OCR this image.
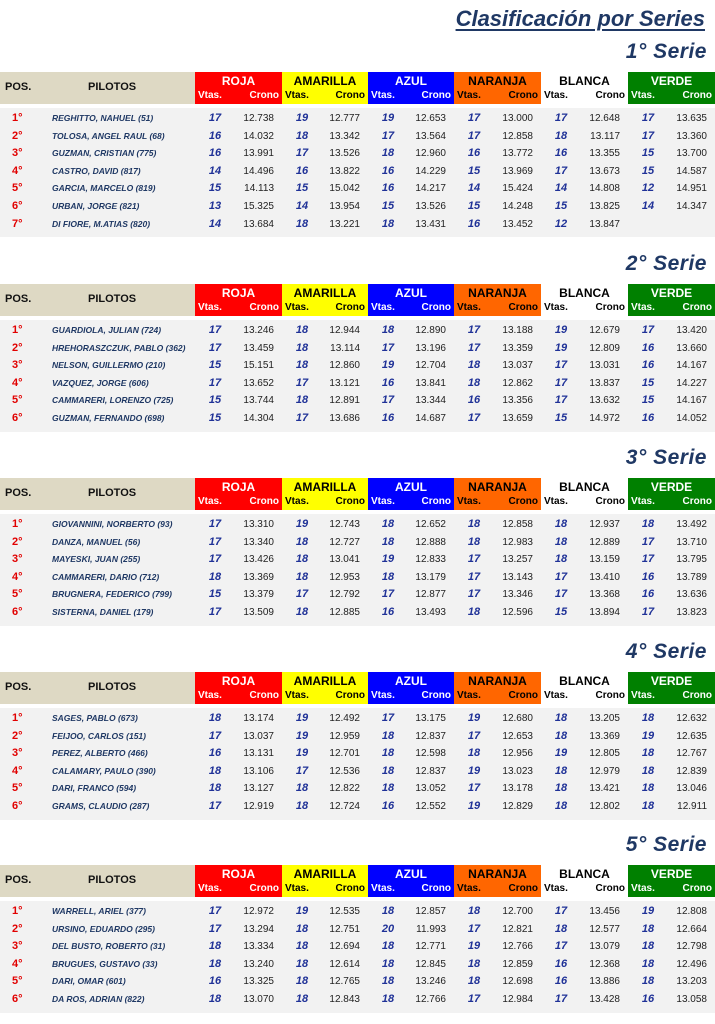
Clasificación por Series
1° Serie
POS.	PILOTOS	ROJA
Vtas.	Crono
AMARILLA
Vtas.	Crono
AZUL
Vtas.	Crono
NARANJA
Vtas.	Crono
BLANCA
Vtas.	Crono
VERDE
Vtas.	Crono
1°	REGHITTO, NAHUEL (51)	17	12.738	19	12.777	19	12.653	17	13.000	17	12.648	17	13.635
2°	TOLOSA, ANGEL RAUL (68)	16	14.032	18	13.342	17	13.564	17	12.858	18	13.117	17	13.360
3°	GUZMAN, CRISTIAN (775)	16	13.991	17	13.526	18	12.960	16	13.772	16	13.355	15	13.700
4°	CASTRO, DAVID (817)	14	14.496	16	13.822	16	14.229	15	13.969	17	13.673	15	14.587
5°	GARCIA, MARCELO (819)	15	14.113	15	15.042	16	14.217	14	15.424	14	14.808	12	14.951
6°	URBAN, JORGE (821)	13	15.325	14	13.954	15	13.526	15	14.248	15	13.825	14	14.347
7°	DI FIORE, M.ATIAS (820)	14	13.684	18	13.221	18	13.431	16	13.452	12	13.847
2° Serie
POS.	PILOTOS	ROJA
Vtas.	Crono
AMARILLA
Vtas.	Crono
AZUL
Vtas.	Crono
NARANJA
Vtas.	Crono
BLANCA
Vtas.	Crono
VERDE
Vtas.	Crono
1°	GUARDIOLA, JULIAN (724)	17	13.246	18	12.944	18	12.890	17	13.188	19	12.679	17	13.420
2°	HREHORASZCZUK, PABLO (362)	17	13.459	18	13.114	17	13.196	17	13.359	19	12.809	16	13.660
3°	NELSON, GUILLERMO (210)	15	15.151	18	12.860	19	12.704	18	13.037	17	13.031	16	14.167
4°	VAZQUEZ, JORGE (606)	17	13.652	17	13.121	16	13.841	18	12.862	17	13.837	15	14.227
5°	CAMMARERI, LORENZO (725)	15	13.744	18	12.891	17	13.344	16	13.356	17	13.632	15	14.167
6°	GUZMAN, FERNANDO (698)	15	14.304	17	13.686	16	14.687	17	13.659	15	14.972	16	14.052
3° Serie
POS.	PILOTOS	ROJA
Vtas.	Crono
AMARILLA
Vtas.	Crono
AZUL
Vtas.	Crono
NARANJA
Vtas.	Crono
BLANCA
Vtas.	Crono
VERDE
Vtas.	Crono
1°	GIOVANNINI, NORBERTO (93)	17	13.310	19	12.743	18	12.652	18	12.858	18	12.937	18	13.492
2°	DANZA, MANUEL (56)	17	13.340	18	12.727	18	12.888	18	12.983	18	12.889	17	13.710
3°	MAYESKI, JUAN (255)	17	13.426	18	13.041	19	12.833	17	13.257	18	13.159	17	13.795
4°	CAMMARERI, DARIO (712)	18	13.369	18	12.953	18	13.179	17	13.143	17	13.410	16	13.789
5°	BRUGNERA, FEDERICO (799)	15	13.379	17	12.792	17	12.877	17	13.346	17	13.368	16	13.636
6°	SISTERNA, DANIEL (179)	17	13.509	18	12.885	16	13.493	18	12.596	15	13.894	17	13.823
4° Serie
POS.	PILOTOS	ROJA
Vtas.	Crono
AMARILLA
Vtas.	Crono
AZUL
Vtas.	Crono
NARANJA
Vtas.	Crono
BLANCA
Vtas.	Crono
VERDE
Vtas.	Crono
1°	SAGES, PABLO (673)	18	13.174	19	12.492	17	13.175	19	12.680	18	13.205	18	12.632
2°	FEIJOO, CARLOS (151)	17	13.037	19	12.959	18	12.837	17	12.653	18	13.369	19	12.635
3°	PEREZ, ALBERTO (466)	16	13.131	19	12.701	18	12.598	18	12.956	19	12.805	18	12.767
4°	CALAMARY, PAULO (390)	18	13.106	17	12.536	18	12.837	19	13.023	18	12.979	18	12.839
5°	DARI, FRANCO (594)	18	13.127	18	12.822	18	13.052	17	13.178	18	13.421	18	13.046
6°	GRAMS, CLAUDIO (287)	17	12.919	18	12.724	16	12.552	19	12.829	18	12.802	18	12.911
5° Serie
POS.	PILOTOS	ROJA
Vtas.	Crono
AMARILLA
Vtas.	Crono
AZUL
Vtas.	Crono
NARANJA
Vtas.	Crono
BLANCA
Vtas.	Crono
VERDE
Vtas.	Crono
1°	WARRELL, ARIEL (377)	17	12.972	19	12.535	18	12.857	18	12.700	17	13.456	19	12.808
2°	URSINO, EDUARDO (295)	17	13.294	18	12.751	20	11.993	17	12.821	18	12.577	18	12.664
3°	DEL BUSTO, ROBERTO (31)	18	13.334	18	12.694	18	12.771	19	12.766	17	13.079	18	12.798
4°	BRUGUES, GUSTAVO (33)	18	13.240	18	12.614	18	12.845	18	12.859	16	12.368	18	12.496
5°	DARI, OMAR (601)	16	13.325	18	12.765	18	13.246	18	12.698	16	13.886	18	13.203
6°	DA ROS, ADRIAN (822)	18	13.070	18	12.843	18	12.766	17	12.984	17	13.428	16	13.058
